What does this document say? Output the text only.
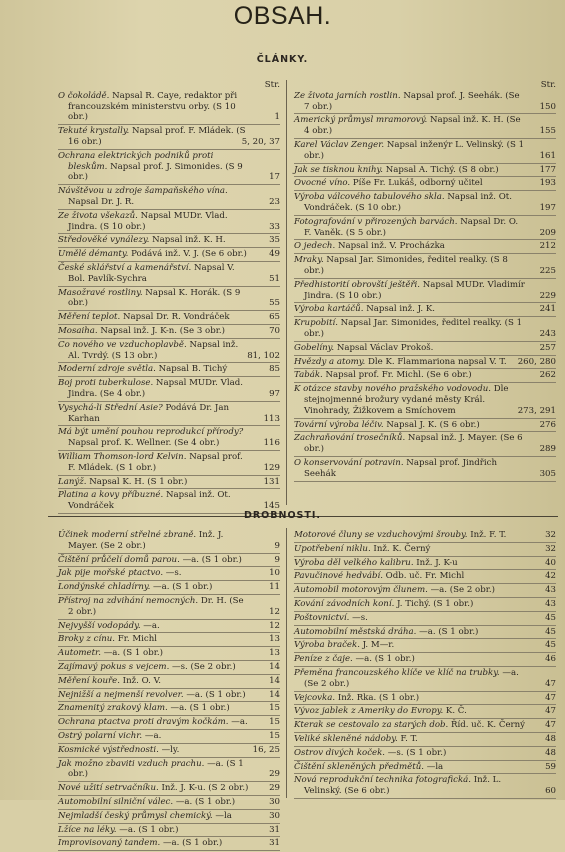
OBSAH.
ČLÁNKY.
Str.
O čokoládě. Napsal R. Caye, redaktor při francouzském ministerstvu orby. (S 10 obr.)	1
Tekuté krystally. Napsal prof. F. Mládek. (S 16 obr.)	5, 20, 37
Ochrana elektrických podniků proti bleskům. Napsal prof. J. Simonides. (S 9 obr.)	17
Návštěvou u zdroje šampaňského vína. Napsal Dr. J. R.	23
Ze života všekazů. Napsal MUDr. Vlad. Jindra. (S 10 obr.)	33
Středověké vynálezy. Napsal inž. K. H.	35
Umělé démanty. Podává inž. V. J. (Se 6 obr.)	49
České sklářství a kamenářství. Napsal V. Bol. Pavlík-Sychra	51
Masožravé rostliny. Napsal K. Horák. (S 9 obr.)	55
Měření teplot. Napsal Dr. R. Vondráček	65
Mosaiha. Napsal inž. J. K-n. (Se 3 obr.)	70
Co nového ve vzduchoplavbě. Napsal inž. Al. Tvrdý. (S 13 obr.)	81, 102
Moderní zdroje světla. Napsal B. Tichý	85
Boj proti tuberkulose. Napsal MUDr. Vlad. Jindra. (Se 4 obr.)	97
Vysychá-li Střední Asie? Podává Dr. Jan Karhan	113
Má být umění pouhou reprodukcí přírody? Napsal prof. K. Wellner. (Se 4 obr.)	116
William Thomson-lord Kelvin. Napsal prof. F. Mládek. (S 1 obr.)	129
Lanýž. Napsal K. H. (S 1 obr.)	131
Platina a kovy příbuzné. Napsal inž. Ot. Vondráček	145
Str.
Ze života jarních rostlin. Napsal prof. J. Seehák. (Se 7 obr.)	150
Americký průmysl mramorový. Napsal inž. K. H. (Se 4 obr.)	155
Karel Václav Zenger. Napsal inženýr L. Velinský. (S 1 obr.)	161
Jak se tisknou knihy. Napsal A. Tichý. (S 8 obr.)	177
Ovocné víno. Píše Fr. Lukáš, odborný učitel	193
Výroba válcového tabulového skla. Napsal inž. Ot. Vondráček. (S 10 obr.)	197
Fotografování v přirozených barvách. Napsal Dr. O. F. Vaněk. (S 5 obr.)	209
O jedech. Napsal inž. V. Procházka	212
Mraky. Napsal Jar. Simonides, ředitel realky. (S 8 obr.)	225
Předhistorití obrovští ještěři. Napsal MUDr. Vladimír Jindra. (S 10 obr.)	229
Výroba kartáčů. Napsal inž. J. K.	241
Krupobití. Napsal Jar. Simonides, ředitel realky. (S 1 obr.)	243
Gobelíny. Napsal Václav Prokoš.	257
Hvězdy a atomy. Dle K. Flammariona napsal V. T. 260, 280
Tabák. Napsal prof. Fr. Michl. (Se 6 obr.)	262
K otázce stavby nového pražského vodovodu. Dle stejnojmenné brožury vydané městy Král. Vinohrady, Žižkovem a Smíchovem	273, 291
Tovární výroba léčiv. Napsal J. K. (S 6 obr.)	276
Zachraňování trosečníků. Napsal inž. J. Mayer. (Se 6 obr.)	289
O konservování potravin. Napsal prof. Jindřich Seehák	305
DROBNOSTI.
Účinek moderní střelné zbraně. Inž. J. Mayer. (Se 2 obr.)	9
Čištění průčelí domů parou. —a. (S 1 obr.)	9
Jak pije mořské ptactvo. —s.	10
Londýnské chladírny. —a. (S 1 obr.)	11
Přístroj na zdvihání nemocných. Dr. H. (Se 2 obr.)	12
Nejvyšší vodopády. —a.	12
Broky z cínu. Fr. Michl	13
Autometr. —a. (S 1 obr.)	13
Zajímavý pokus s vejcem. —s. (Se 2 obr.)	14
Měření kouře. Inž. O. V.	14
Nejnižší a nejmenší revolver. —a. (S 1 obr.)	14
Znamenitý zrakový klam. —a. (S 1 obr.)	15
Ochrana ptactva proti dravým kočkám. —a.	15
Ostrý polarní vichr. —a.	15
Kosmické výstřednosti. —ly.	16, 25
Jak možno zbaviti vzduch prachu. —a. (S 1 obr.)	29
Nové užití setrvačníku. Inž. J. K-u. (S 2 obr.)	29
Automobilní silniční válec. —a. (S 1 obr.)	30
Nejmladší český průmysl chemický. —la	30
Lžíce na léky. —a. (S 1 obr.)	31
Improvisovaný tandem. —a. (S 1 obr.)	31
Motorové čluny se vzduchovými šrouby. Inž. F. T.	32
Upotřebení niklu. Inž. K. Černý	32
Výroba děl velkého kalibru. Inž. J. K-u	40
Pavučinové hedvábí. Odb. uč. Fr. Michl	42
Automobil motorovým člunem. —a. (Se 2 obr.)	43
Kování závodních koní. J. Tichý. (S 1 obr.)	43
Poštovnictví. —s.	45
Automobilní městská dráha. —a. (S 1 obr.)	45
Výroba braček. J. M—r.	45
Peníze z čaje. —a. (S 1 obr.)	46
Přeměna francouzského klíče ve klíč na trubky. —a. (Se 2 obr.)	47
Vejcovka. Inž. Rka. (S 1 obr.)	47
Vývoz jablek z Ameriky do Evropy. K. Č.	47
Kterak se cestovalo za starých dob. Říd. uč. K. Černý	47
Veliké skleněné nádoby. F. T.	48
Ostrov divých koček. —s. (S 1 obr.)	48
Čištění skleněných předmětů. —la	59
Nová reprodukční technika fotografická. Inž. L. Velinský. (Se 6 obr.)	60
